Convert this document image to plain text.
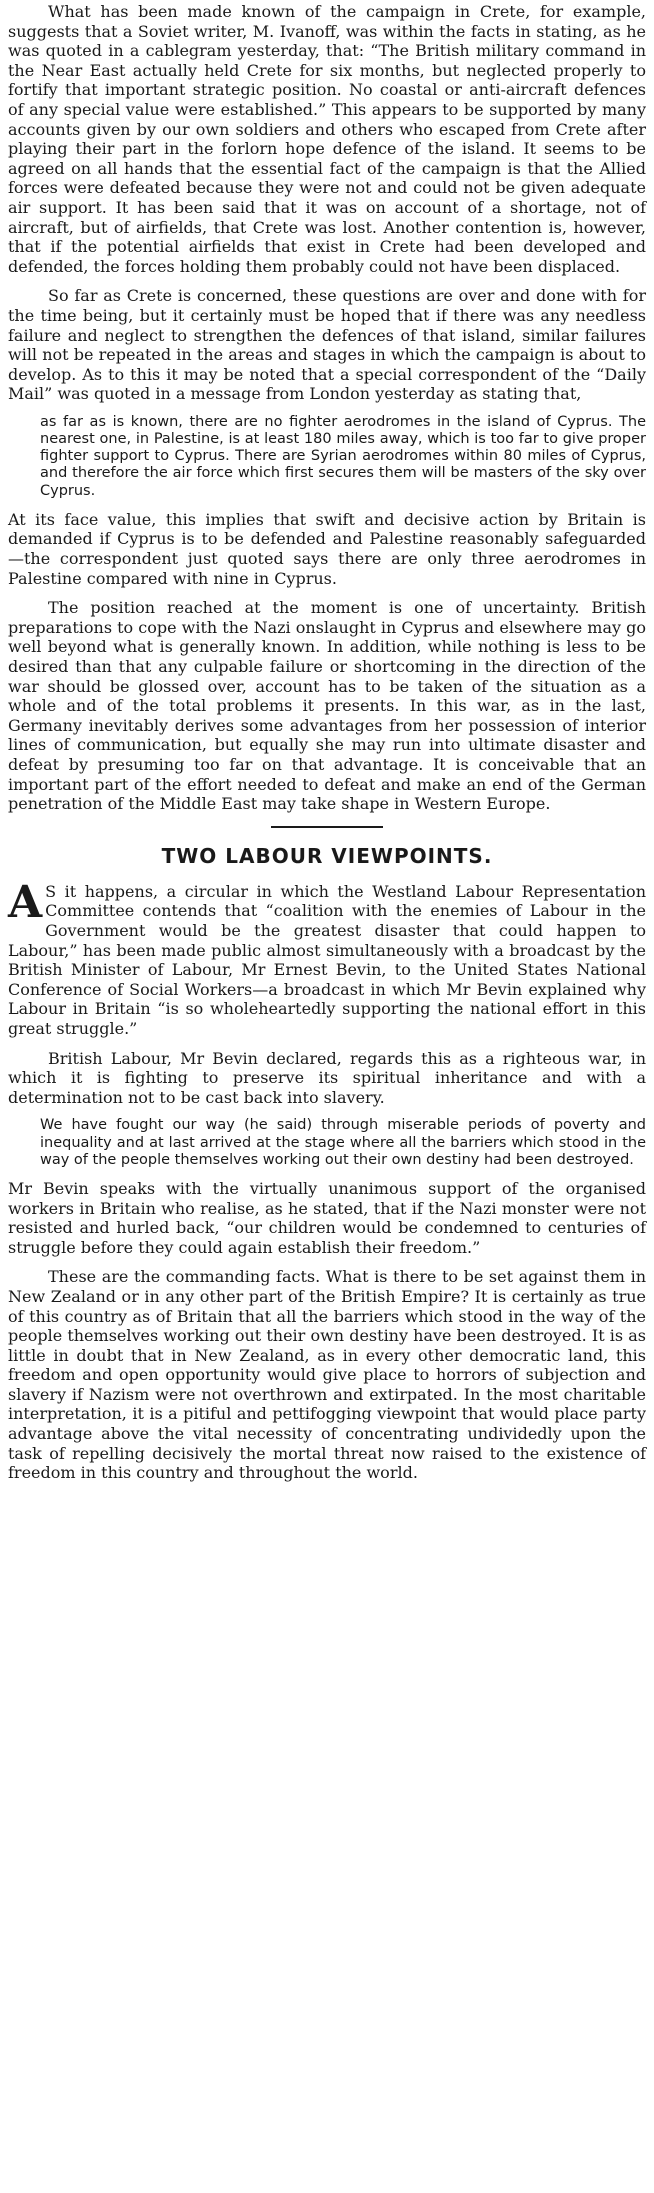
What has been made known of the campaign in Crete, for example, suggests that a Soviet writer, M. Ivanoff, was within the facts in stating, as he was quoted in a cablegram yesterday, that: “The British military command in the Near East actually held Crete for six months, but neglected properly to fortify that important strategic position. No coastal or anti-aircraft defences of any special value were established.” This appears to be supported by many accounts given by our own soldiers and others who escaped from Crete after playing their part in the forlorn hope defence of the island. It seems to be agreed on all hands that the essential fact of the campaign is that the Allied forces were defeated because they were not and could not be given adequate air support. It has been said that it was on account of a shortage, not of aircraft, but of airfields, that Crete was lost. Another contention is, however, that if the potential airfields that exist in Crete had been developed and defended, the forces holding them probably could not have been displaced.

So far as Crete is concerned, these questions are over and done with for the time being, but it certainly must be hoped that if there was any needless failure and neglect to strengthen the defences of that island, similar failures will not be repeated in the areas and stages in which the campaign is about to develop. As to this it may be noted that a special correspondent of the “Daily Mail” was quoted in a message from London yesterday as stating that,

as far as is known, there are no fighter aerodromes in the island of Cyprus. The nearest one, in Palestine, is at least 180 miles away, which is too far to give proper fighter support to Cyprus. There are Syrian aerodromes within 80 miles of Cyprus, and therefore the air force which first secures them will be masters of the sky over Cyprus.

At its face value, this implies that swift and decisive action by Britain is demanded if Cyprus is to be defended and Palestine reasonably safeguarded—the correspondent just quoted says there are only three aerodromes in Palestine compared with nine in Cyprus.

The position reached at the moment is one of uncertainty. British preparations to cope with the Nazi onslaught in Cyprus and elsewhere may go well beyond what is generally known. In addition, while nothing is less to be desired than that any culpable failure or shortcoming in the direction of the war should be glossed over, account has to be taken of the situation as a whole and of the total problems it presents. In this war, as in the last, Germany inevitably derives some advantages from her possession of interior lines of communication, but equally she may run into ultimate disaster and defeat by presuming too far on that advantage. It is conceivable that an important part of the effort needed to defeat and make an end of the German penetration of the Middle East may take shape in Western Europe.

TWO LABOUR VIEWPOINTS.

A S it happens, a circular in which the Westland Labour Representation Committee contends that “coalition with the enemies of Labour in the Government would be the greatest disaster that could happen to Labour,” has been made public almost simultaneously with a broadcast by the British Minister of Labour, Mr Ernest Bevin, to the United States National Conference of Social Workers—a broadcast in which Mr Bevin explained why Labour in Britain “is so wholeheartedly supporting the national effort in this great struggle.”

British Labour, Mr Bevin declared, regards this as a righteous war, in which it is fighting to preserve its spiritual inheritance and with a determination not to be cast back into slavery.

We have fought our way (he said) through miserable periods of poverty and inequality and at last arrived at the stage where all the barriers which stood in the way of the people themselves working out their own destiny had been destroyed.

Mr Bevin speaks with the virtually unanimous support of the organised workers in Britain who realise, as he stated, that if the Nazi monster were not resisted and hurled back, “our children would be condemned to centuries of struggle before they could again establish their freedom.”

These are the commanding facts. What is there to be set against them in New Zealand or in any other part of the British Empire? It is certainly as true of this country as of Britain that all the barriers which stood in the way of the people themselves working out their own destiny have been destroyed. It is as little in doubt that in New Zealand, as in every other democratic land, this freedom and open opportunity would give place to horrors of subjection and slavery if Nazism were not overthrown and extirpated. In the most charitable interpretation, it is a pitiful and pettifogging viewpoint that would place party advantage above the vital necessity of concentrating undividedly upon the task of repelling decisively the mortal threat now raised to the existence of freedom in this country and throughout the world.
